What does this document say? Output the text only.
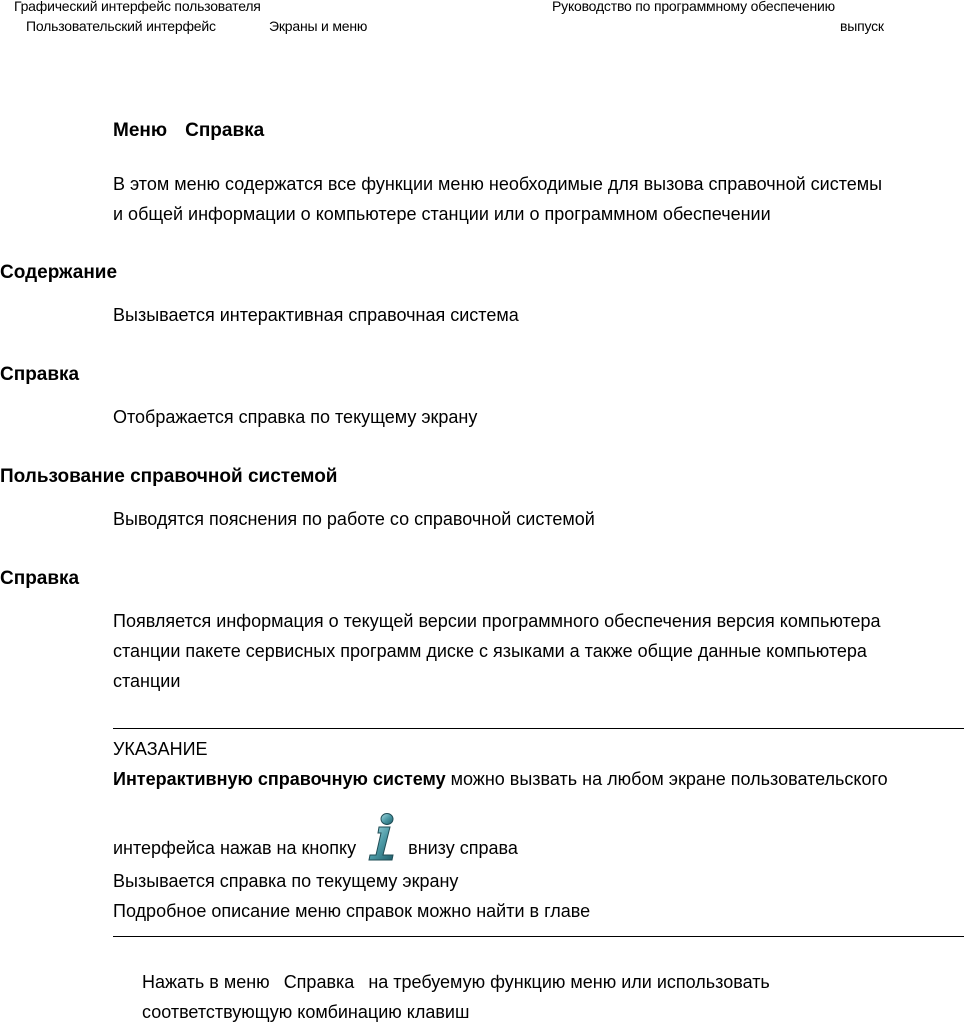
Графический интерфейс пользователя
Пользовательский интерфейс	Экраны и меню
Руководство по программному обеспечению
выпуск
Меню Справка
В этом меню содержатся все функции меню необходимые для вызова справочной системы
и общей информации о компьютере станции или о программном обеспечении
Содержание
Вызывается интерактивная справочная система
Справка
Отображается справка по текущему экрану
Пользование справочной системой
Выводятся пояснения по работе со справочной системой
Справка
Появляется информация о текущей версии программного обеспечения версия компьютера
станции пакете сервисных программ диске с языками а также общие данные компьютера
станции
УКАЗАНИЕ
Интерактивную справочную систему можно вызвать на любом экране пользовательского
интерфейса нажав на кнопку	внизу справа
Вызывается справка по текущему экрану
Подробное описание меню справок можно найти в главе
Нажать в меню Справка на требуемую функцию меню или использовать
соответствующую комбинацию клавиш
